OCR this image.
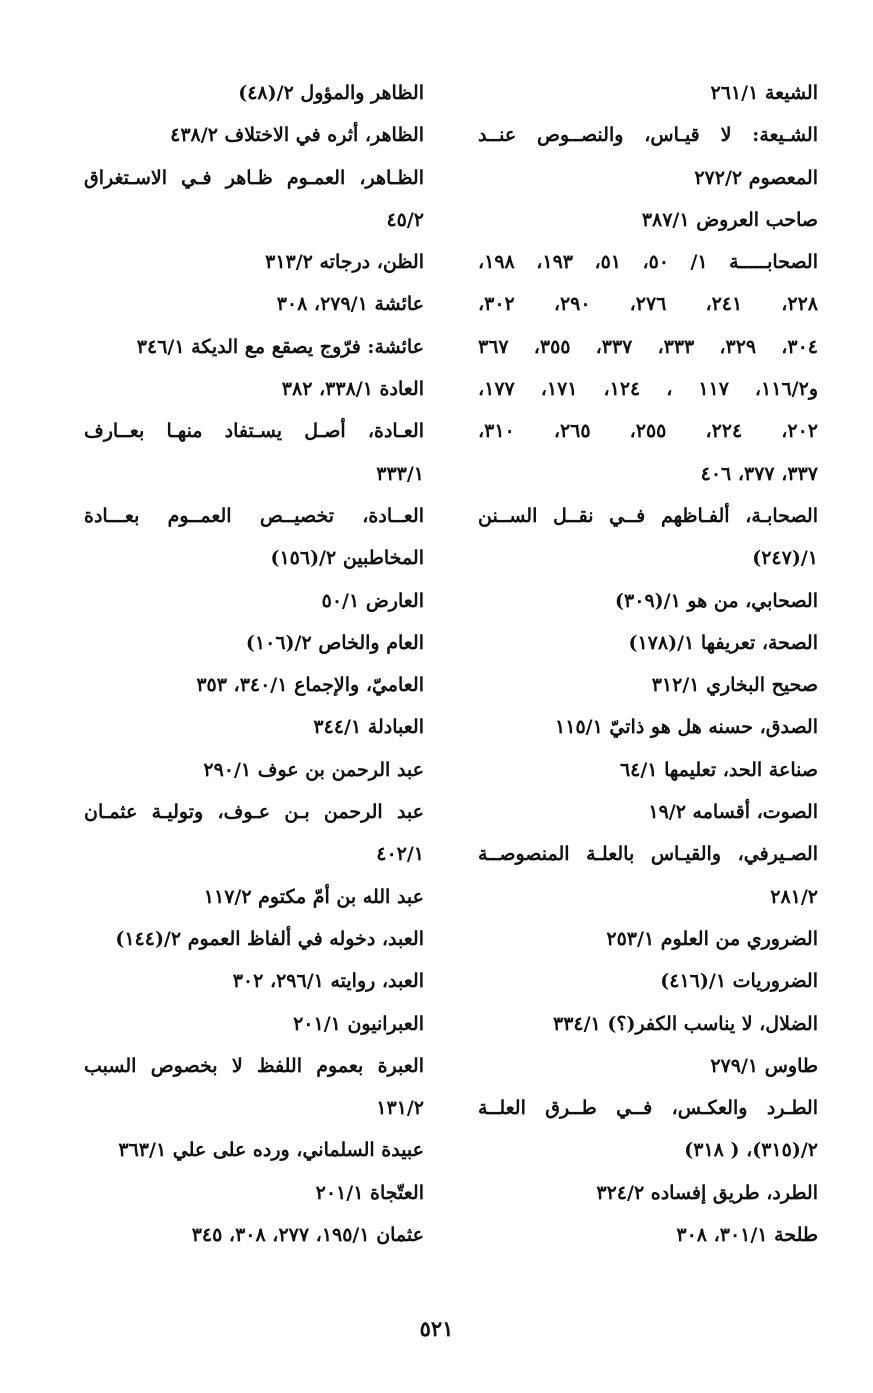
الشيعة ٢٦١/١
الشـيعة: لا قيـاس، والنصــوص عنــد
المعصوم ٢٧٢/٢
صاحب العروض ٣٨٧/١
الصحابـــــة ١/ ٥٠، ٥١، ١٩٣، ١٩٨،
٢٢٨، ٢٤١، ٢٧٦، ٢٩٠، ٣٠٢،
٣٠٤، ٣٢٩، ٣٣٣، ٣٣٧، ٣٥٥، ٣٦٧
و١١٦/٢، ١١٧ ، ١٢٤، ١٧١، ١٧٧،
٢٠٢، ٢٢٤، ٢٥٥، ٢٦٥، ٣١٠،
٣٣٧، ٣٧٧، ٤٠٦
الصحابـة، ألفـاظهم فــي نقــل الســنن
١/(٢٤٧)
الصحابي، من هو ١/(٣٠٩)
الصحة، تعريفها ١/(١٧٨)
صحيح البخاري ٣١٢/١
الصدق، حسنه هل هو ذاتيّ ١١٥/١
صناعة الحد، تعليمها ٦٤/١
الصوت، أقسامه ١٩/٢
الصـيرفي، والقيـاس بالعلـة المنصوصــة
٢٨١/٢
الضروري من العلوم ٢٥٣/١
الضروريات ١/(٤١٦)
الضلال، لا يناسب الكفر(؟) ٣٣٤/١
طاوس ٢٧٩/١
الطـرد والعكـس، فــي طــرق العلــة
٢/(٣١٥)، ( ٣١٨)
الطرد، طريق إفساده ٣٢٤/٢
طلحة ٣٠١/١، ٣٠٨
الظاهر والمؤول ٢/(٤٨)
الظاهر، أثره في الاختلاف ٤٣٨/٢
الظـاهر، العمـوم ظـاهر فـي الاسـتغراق
٤٥/٢
الظن، درجاته ٣١٣/٢
عائشة ٢٧٩/١، ٣٠٨
عائشة: فرّوج يصقع مع الديكة ٣٤٦/١
العادة ٣٣٨/١، ٣٨٢
العـادة، أصـل يسـتفاد منهـا بعــارف
٣٣٣/١
العــادة، تخصيــص العمــوم بعـــادة
المخاطبين ٢/(١٥٦)
العارض ٥٠/١
العام والخاص ٢/(١٠٦)
العاميّ، والإجماع ٣٤٠/١، ٣٥٣
العبادلة ٣٤٤/١
عبد الرحمن بن عوف ٢٩٠/١
عبد الرحمن بـن عـوف، وتوليـة عثمـان
٤٠٢/١
عبد الله بن أمّ مكتوم ١١٧/٢
العبد، دخوله في ألفاظ العموم ٢/(١٤٤)
العبد، روايته ٢٩٦/١، ٣٠٢
العبرانيون ٢٠١/١
العبرة بعموم اللفظ لا بخصوص السبب
١٣١/٢
عبيدة السلماني، ورده على علي ٣٦٣/١
العتّجاة ٢٠١/١
عثمان ١٩٥/١، ٢٧٧، ٣٠٨، ٣٤٥
٥٢١
